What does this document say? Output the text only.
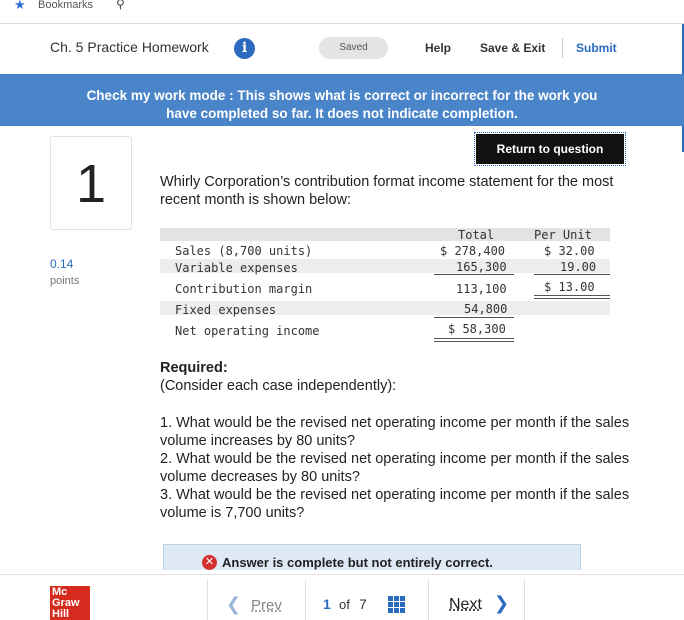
★ Bookmarks ⚲
Ch. 5 Practice Homework	i	Saved	Help Save & Exit	Submit
Check my work mode : This shows what is correct or incorrect for the work you
have completed so far. It does not indicate completion.
1
0.14
points
Return to question
Whirly Corporation’s contribution format income statement for the most recent month is shown below:
Total	Per Unit
Sales (8,700 units)	$ 278,400	$ 32.00
Variable expenses	165,300	19.00
Contribution margin	113,100	$ 13.00
Fixed expenses	54,800
Net operating income	$ 58,300
Required:
(Consider each case independently):
1. What would be the revised net operating income per month if the sales volume increases by 80 units?
2. What would be the revised net operating income per month if the sales volume decreases by 80 units?
3. What would be the revised net operating income per month if the sales volume is 7,700 units?
✕ Answer is complete but not entirely correct.
Mc
Graw
Hill	❮ Prev	1 of 7	Next ❯
